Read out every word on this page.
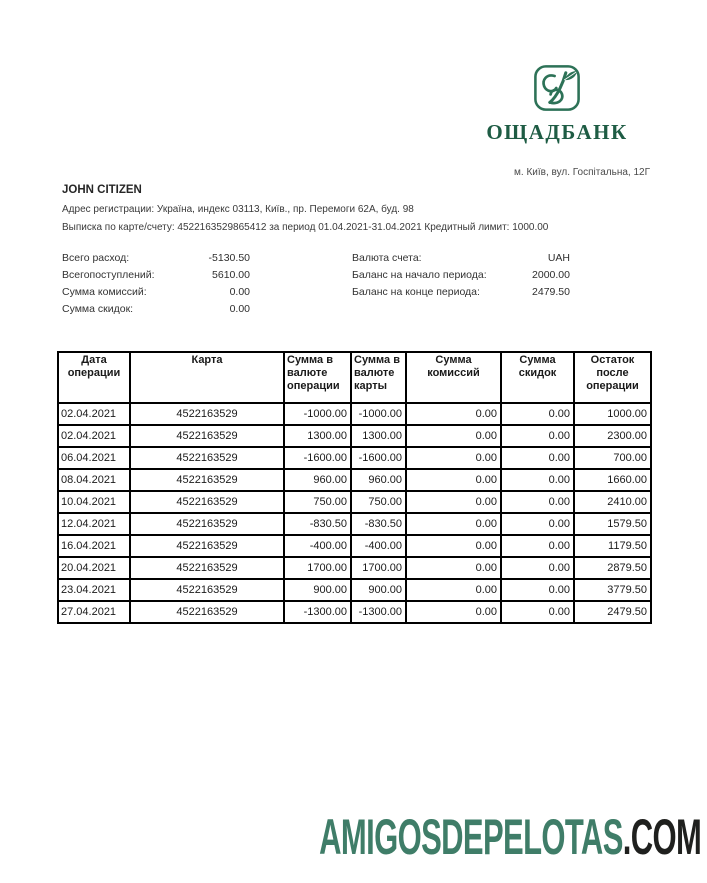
ОЩАДБАНК
м. Київ, вул. Госпітальна, 12Г
JOHN CITIZEN
Адрес регистрации: Україна, индекс 03113, Київ., пр. Перемоги 62А, буд. 98
Выписка по карте/счету: 4522163529865412 за период 01.04.2021-31.04.2021 Кредитный лимит: 1000.00
Всего расход:	-5130.50
Всегопоступлений:	5610.00
Сумма комиссий:	0.00
Сумма скидок:	0.00
Валюта счета:	UAH
Баланс на начало периода:	2000.00
Баланс на конце периода:	2479.50
Дата операции	Карта	Сумма в валюте операции	Сумма в валюте карты	Сумма комиссий	Сумма скидок	Остаток после операции
02.04.2021	4522163529	-1000.00	-1000.00	0.00	0.00	1000.00
02.04.2021	4522163529	1300.00	1300.00	0.00	0.00	2300.00
06.04.2021	4522163529	-1600.00	-1600.00	0.00	0.00	700.00
08.04.2021	4522163529	960.00	960.00	0.00	0.00	1660.00
10.04.2021	4522163529	750.00	750.00	0.00	0.00	2410.00
12.04.2021	4522163529	-830.50	-830.50	0.00	0.00	1579.50
16.04.2021	4522163529	-400.00	-400.00	0.00	0.00	1179.50
20.04.2021	4522163529	1700.00	1700.00	0.00	0.00	2879.50
23.04.2021	4522163529	900.00	900.00	0.00	0.00	3779.50
27.04.2021	4522163529	-1300.00	-1300.00	0.00	0.00	2479.50
AMIGOSDEPELOTAS.COM
